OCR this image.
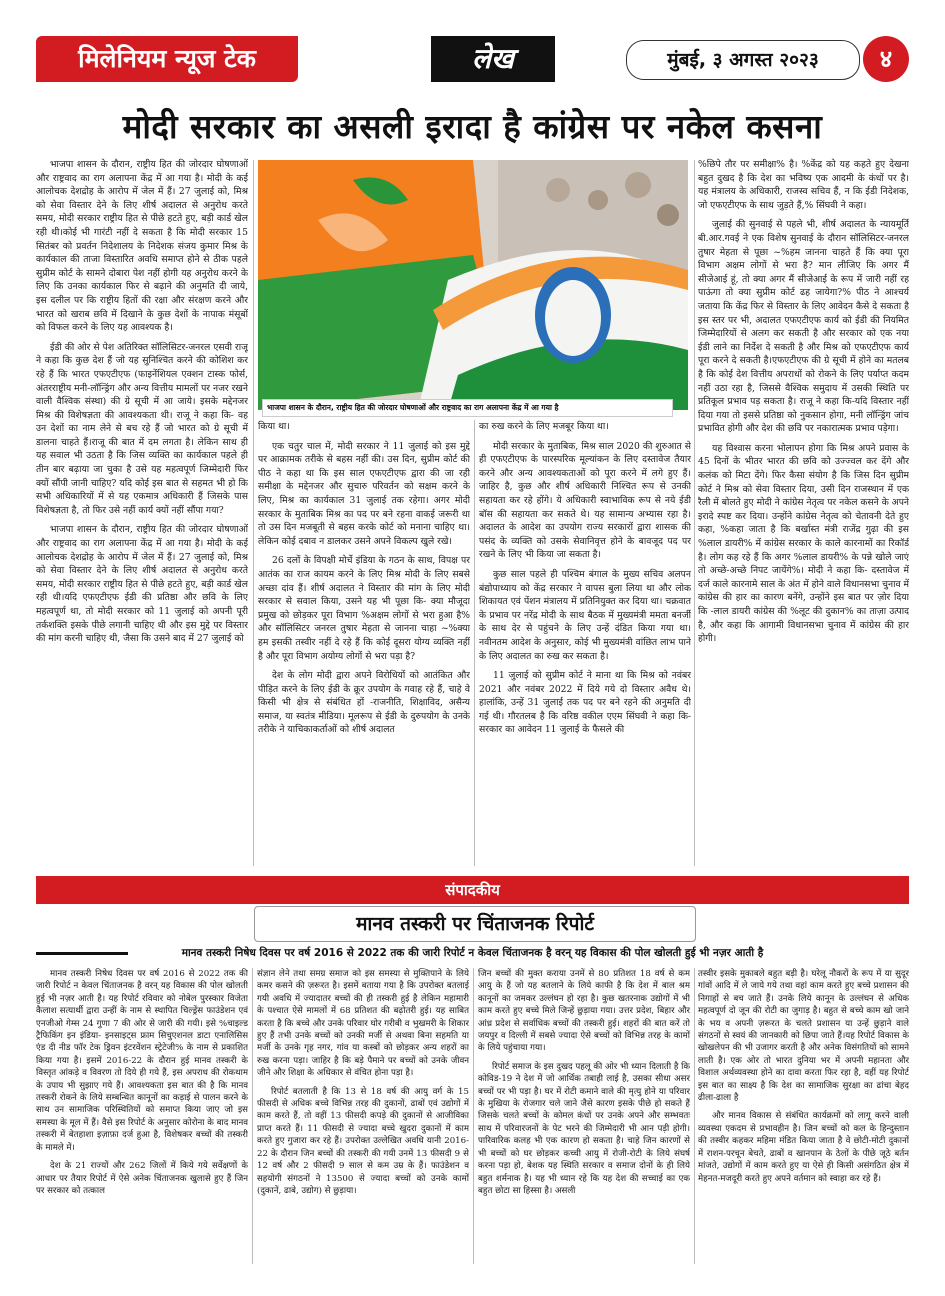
मिलेनियम न्यूज टेक	लेख	मुंबई, ३ अगस्त २०२३	४
मोदी सरकार का असली इरादा है कांग्रेस पर नकेल कसना

भाजपा शासन के दौरान, राष्ट्रीय हित की जोरदार घोषणाओं और राष्ट्रवाद का राग अलापना केंद्र में आ गया है। मोदी के कई आलोचक देशद्रोह के आरोप में जेल में हैं। 27 जुलाई को, मिश्र को सेवा विस्तार देने के लिए शीर्ष अदालत से अनुरोध करते समय, मोदी सरकार राष्ट्रीय हित से पीछे हटते हुए, बड़ी कार्ड खेल रही थी।कोई भी गारंटी नहीं दे सकता है कि मोदी सरकार 15 सितंबर को प्रवर्तन निदेशालय के निदेशक संजय कुमार मिश्र के कार्यकाल की ताजा विस्तारित अवधि समाप्त होने से ठीक पहले सुप्रीम कोर्ट के सामने दोबारा पेश नहीं होगी यह अनुरोध करने के लिए कि उनका कार्यकाल फिर से बढ़ाने की अनुमति दी जाये, इस दलील पर कि राष्ट्रीय हितों की रक्षा और संरक्षण करने और भारत को खराब छवि में दिखाने के कुछ देशों के नापाक मंसूबों को विफल करने के लिए यह आवश्यक है।

ईडी की ओर से पेश अतिरिक्त सॉलिसिटर-जनरल एसवी राजू ने कहा कि कुछ देश हैं जो यह सुनिश्चित करने की कोशिश कर रहे हैं कि भारत एफएटीएफ (फाइनेंशियल एक्शन टास्क फोर्स, अंतरराष्ट्रीय मनी-लॉन्ड्रिंग और अन्य वित्तीय मामलों पर नजर रखने वाली वैश्विक संस्था) की ग्रे सूची में आ जाये। इसके मद्देनजर मिश्र की विशेषज्ञता की आवश्यकता थी। राजू ने कहा कि- वह उन देशों का नाम लेने से बच रहे हैं जो भारत को ग्रे सूची में डालना चाहते हैं।राजू की बात में दम लगता है। लेकिन साथ ही यह सवाल भी उठता है कि जिस व्यक्ति का कार्यकाल पहले ही तीन बार बढ़ाया जा चुका है उसे यह महत्वपूर्ण जिम्मेदारी फिर क्यों सौंपी जानी चाहिए? यदि कोई इस बात से सहमत भी हो कि सभी अधिकारियों में से यह एकमात्र अधिकारी हैं जिसके पास विशेषज्ञता है, तो फिर उसे नहीं कार्य क्यों नहीं सौंपा गया?

भाजपा शासन के दौरान, राष्ट्रीय हित की जोरदार घोषणाओं और राष्ट्रवाद का राग अलापना केंद्र में आ गया है। मोदी के कई आलोचक देशद्रोह के आरोप में जेल में हैं। 27 जुलाई को, मिश्र को सेवा विस्तार देने के लिए शीर्ष अदालत से अनुरोध करते समय, मोदी सरकार राष्ट्रीय हित से पीछे हटते हुए, बड़ी कार्ड खेल रही थी।यदि एफएटीएफ ईडी की प्रतिष्ठा और छवि के लिए महत्वपूर्ण था, तो मोदी सरकार को 11 जुलाई को अपनी पूरी तर्कशक्ति इसके पीछे लगानी चाहिए थी और इस मुद्दे पर विस्तार की मांग करनी चाहिए थी, जैसा कि उसने बाद में 27 जुलाई को

भाजपा शासन के दौरान, राष्ट्रीय हित की जोरदार घोषणाओं और राष्ट्रवाद का राग अलापना केंद्र में आ गया है

किया था।

एक चतुर चाल में, मोदी सरकार ने 11 जुलाई को इस मुद्दे पर आक्रामक तरीके से बहस नहीं की। उस दिन, सुप्रीम कोर्ट की पीठ ने कहा था कि इस साल एफएटीएफ द्वारा की जा रही समीक्षा के मद्देनजर और सुचारु परिवर्तन को सक्षम करने के लिए, मिश्र का कार्यकाल 31 जुलाई तक रहेगा। अगर मोदी सरकार के मुताबिक मिश्र का पद पर बने रहना वाकई जरूरी था तो उस दिन मजबूती से बहस करके कोर्ट को मनाना चाहिए था। लेकिन कोई दबाव न डालकर उसने अपने विकल्प खुले रखे।

26 दलों के विपक्षी मोर्चे इंडिया के गठन के साथ, विपक्ष पर आतंक का राज कायम करने के लिए मिश्र मोदी के लिए सबसे अच्छा दांव हैं। शीर्ष अदालत ने विस्तार की मांग के लिए मोदी सरकार से सवाल किया, उसने यह भी पूछा कि- क्या मौजूदा प्रमुख को छोड़कर पूरा विभाग %अक्षम लोगों से भरा हुआ है% और सॉलिसिटर जनरल तुषार मेहता से जानना चाहा ~%क्या हम इसकी तस्वीर नहीं दे रहे हैं कि कोई दूसरा योग्य व्यक्ति नहीं है और पूरा विभाग अयोग्य लोगों से भरा पड़ा है?

देश के लोग मोदी द्वारा अपने विरोधियों को आतंकित और पीड़ित करने के लिए ईडी के क्रूर उपयोग के गवाह रहे हैं, चाहे वे किसी भी क्षेत्र से संबंधित हों -राजनीति, शिक्षाविद, असैन्य समाज, या स्वतंत्र मीडिया। मूलरूप से ईडी के दुरुपयोग के उनके तरीके ने याचिकाकर्ताओं को शीर्ष अदालत

का रुख करने के लिए मजबूर किया था।

मोदी सरकार के मुताबिक, मिश्र साल 2020 की शुरुआत से ही एफएटीएफ के पारस्परिक मूल्यांकन के लिए दस्तावेज तैयार करने और अन्य आवश्यकताओं को पूरा करने में लगे हुए हैं। जाहिर है, कुछ और शीर्ष अधिकारी निश्चित रूप से उनकी सहायता कर रहे होंगे। ये अधिकारी स्वाभाविक रूप से नये ईडी बॉस की सहायता कर सकते थे। यह सामान्य अभ्यास रहा है। अदालत के आदेश का उपयोग राज्य सरकारों द्वारा शासक की पसंद के व्यक्ति को उसके सेवानिवृत्त होने के बावजूद पद पर रखने के लिए भी किया जा सकता है।

कुछ साल पहले ही पश्चिम बंगाल के मुख्य सचिव अलपन बंद्योपाध्याय को केंद्र सरकार ने वापस बुला लिया था और लोक शिकायत एवं पेंशन मंत्रालय में प्रतिनियुक्त कर दिया था। चक्रवात के प्रभाव पर नरेंद्र मोदी के साथ बैठक में मुख्यमंत्री ममता बनर्जी के साथ देर से पहुंचने के लिए उन्हें दंडित किया गया था। नवीनतम आदेश के अनुसार, कोई भी मुख्यमंत्री वांछित लाभ पाने के लिए अदालत का रुख कर सकता है।

11 जुलाई को सुप्रीम कोर्ट ने माना था कि मिश्र को नवंबर 2021 और नवंबर 2022 में दिये गये दो विस्तार अवैध थे। हालांकि, उन्हें 31 जुलाई तक पद पर बने रहने की अनुमति दी गई थी। गौरतलब है कि वरिष्ठ वकील एएम सिंघवी ने कहा कि-सरकार का आवेदन 11 जुलाई के फैसले की

%छिपे तौर पर समीक्षा% है। %केंद्र को यह कहते हुए देखना बहुत दुखद है कि देश का भविष्य एक आदमी के कंधों पर है। यह मंत्रालय के अधिकारी, राजस्व सचिव हैं, न कि ईडी निदेशक, जो एफएटीएफ के साथ जुड़ते हैं,% सिंघवी ने कहा।

जुलाई की सुनवाई से पहले भी, शीर्ष अदालत के न्यायमूर्ति बी.आर.गवई ने एक विशेष सुनवाई के दौरान सॉलिसिटर-जनरल तुषार मेहता से पूछा ~%हम जानना चाहते हैं कि क्या पूरा विभाग अक्षम लोगों से भरा है? मान लीजिए कि अगर मैं सीजेआई हूं, तो क्या अगर मैं सीजेआई के रूप में जारी नहीं रह पाऊंगा तो क्या सुप्रीम कोर्ट ढह जायेगा?% पीठ ने आश्चर्य जताया कि केंद्र फिर से विस्तार के लिए आवेदन कैसे दे सकता है इस स्तर पर भी, अदालत एफएटीएफ कार्य को ईडी की नियमित जिम्मेदारियों से अलग कर सकती है और सरकार को एक नया ईडी लाने का निर्देश दे सकती है और मिश्र को एफएटीएफ कार्य पूरा करने दे सकती है।एफएटीएफ की ग्रे सूची में होने का मतलब है कि कोई देश वित्तीय अपराधों को रोकने के लिए पर्याप्त कदम नहीं उठा रहा है, जिससे वैश्विक समुदाय में उसकी स्थिति पर प्रतिकूल प्रभाव पड़ सकता है। राजू ने कहा कि-यदि विस्तार नहीं दिया गया तो इससे प्रतिष्ठा को नुकसान होगा, मनी लॉन्ड्रिंग जांच प्रभावित होगी और देश की छवि पर नकारात्मक प्रभाव पड़ेगा।

यह विश्वास करना भोलापन होगा कि मिश्र अपने प्रवास के 45 दिनों के भीतर भारत की छवि को उज्ज्वल कर देंगे और कलंक को मिटा देंगे। फिर कैसा संयोग है कि जिस दिन सुप्रीम कोर्ट ने मिश्र को सेवा विस्तार दिया, उसी दिन राजस्थान में एक रैली में बोलते हुए मोदी ने कांग्रेस नेतृत्व पर नकेल कसने के अपने इरादे स्पष्ट कर दिया। उन्होंने कांग्रेस नेतृत्व को चेतावनी देते हुए कहा, %कहा जाता है कि बर्खास्त मंत्री राजेंद्र गुढ़ा की इस %लाल डायरी% में कांग्रेस सरकार के काले कारनामों का रिकॉर्ड है। लोग कह रहे हैं कि अगर %लाल डायरी% के पन्ने खोले जाएं तो अच्छे-अच्छे निपट जायेंगे%। मोदी ने कहा कि- दस्तावेज में दर्ज काले कारनामे साल के अंत में होने वाले विधानसभा चुनाव में कांग्रेस की हार का कारण बनेंगे, उन्होंने इस बात पर ज़ोर दिया कि -लाल डायरी कांग्रेस की %लूट की दुकान% का ताज़ा उत्पाद है, और कहा कि आगामी विधानसभा चुनाव में कांग्रेस की हार होगी।

संपादकीय
मानव तस्करी पर चिंताजनक रिपोर्ट
मानव तस्करी निषेध दिवस पर वर्ष 2016 से 2022 तक की जारी रिपोर्ट न केवल चिंताजनक है वरन् यह विकास की पोल खोलती हुई भी नज़र आती है

मानव तस्करी निषेध दिवस पर वर्ष 2016 से 2022 तक की जारी रिपोर्ट न केवल चिंताजनक है वरन् यह विकास की पोल खोलती हुई भी नज़र आती है। यह रिपोर्ट रविवार को नोबेल पुरस्कार विजेता कैलाश सत्यार्थी द्वारा उन्हीं के नाम से स्थापित चिल्ड्रेंस फाउंडेशन एवं एनजीओ गेम्स 24 गुणा 7 की ओर से जारी की गयी। इसे %चाइल्ड ट्रैफिकिंग इन इंडिया- इनसाइट्स फ्राम सिचुएशनल डाटा एनालिसिस एंड दी नीड फॉर टेक ड्रिवन इंटरवेंशन स्ट्रेटेजी% के नाम से प्रकाशित किया गया है। इसमें 2016-22 के दौरान हुई मानव तस्करी के विस्तृत आंकड़े व विवरण तो दिये ही गये हैं, इस अपराध की रोकथाम के उपाय भी सुझाए गये हैं। आवश्यकता इस बात की है कि मानव तस्करी रोकने के लिये सम्बन्धित कानूनों का कड़ाई से पालन करने के साथ उन सामाजिक परिस्थितियों को समाप्त किया जाए जो इस समस्या के मूल में हैं। वैसे इस रिपोर्ट के अनुसार कोरोना के बाद मानव तस्करी में बेतहाशा इज़ाफ़ा दर्ज हुआ है, विशेषकर बच्चों की तस्करी के मामले में।

देश के 21 राज्यों और 262 जिलों में किये गये सर्वेक्षणों के आधार पर तैयार रिपोर्ट में ऐसे अनेक चिंताजनक खुलासे हुए हैं जिन पर सरकार को तत्काल

संज्ञान लेने तथा समग्र समाज को इस समस्या से मुक्तिपाने के लिये कमर कसने की ज़रूरत है। इसमें बताया गया है कि उपरोक्त बतलाई गयी अवधि में ज्यादातर बच्चों की ही तस्करी हुई है लेकिन महामारी के पश्चात ऐसे मामलों में 68 प्रतिशत की बढ़ोतरी हुई। यह साबित करता है कि बच्चे और उनके परिवार घोर गरीबी व भुखमरी के शिकार हुए हैं तभी उनके बच्चों को उनकी मर्जी से अथवा बिना सहमति या मर्जी के उनके गृह नगर, गांव या कस्बों को छोड़कर अन्य शहरों का रुख करना पड़ा। जाहिर है कि बड़े पैमाने पर बच्चों को उनके जीवन जीने और शिक्षा के अधिकार से वंचित होना पड़ा है।

रिपोर्ट बतलाती है कि 13 से 18 वर्ष की आयु वर्ग के 15 फीसदी से अधिक बच्चे विभिन्न तरह की दुकानों, ढाबों एवं उद्योगों में काम करते हैं, तो वहीं 13 फीसदी कपड़े की दुकानों से आजीविका प्राप्त करते हैं। 11 फीसदी से ज्यादा बच्चे खुदरा दुकानों में काम करते हुए गुजारा कर रहे हैं। उपरोक्त उल्लेखित अवधि यानी 2016-22 के दौरान जिन बच्चों की तस्करी की गयी उनमें 13 फीसदी 9 से 12 वर्ष और 2 फीसदी 9 साल से कम उम्र के हैं। फाउंडेशन व सहयोगी संगठनों ने 13500 से ज्यादा बच्चों को उनके कामों (दुकानें, ढाबे, उद्योग) से छुड़ाया।

जिन बच्चों की मुक्त कराया उनमें से 80 प्रतिशत 18 वर्ष से कम आयु के हैं जो यह बतलाने के लिये काफी है कि देश में बाल श्रम कानूनों का जमकर उल्लंघन हो रहा है। कुछ खतरनाक उद्योगों में भी काम करते हुए बच्चे मिले जिन्हें छुड़ाया गया। उत्तर प्रदेश, बिहार और आंध्र प्रदेश से सर्वाधिक बच्चों की तस्करी हुई। शहरों की बात करें तो जयपुर व दिल्ली में सबसे ज्यादा ऐसे बच्चों को विभिन्न तरह के कामों के लिये पहुंचाया गया।

रिपोर्ट समाज के इस दुखद पहलू की ओर भी ध्यान दिलाती है कि कोविड-19 ने देश में जो आर्थिक तबाही लाई है, उसका सीधा असर बच्चों पर भी पड़ा है। घर में रोटी कमाने वाले की मृत्यु होने या परिवार के मुखिया के रोजगार चले जाने जैसे कारण इसके पीछे हो सकते हैं जिसके चलते बच्चों के कोमल कंधों पर उनके अपने और सम्भवतः साथ में परिवारजनों के पेट भरने की जिम्मेदारी भी आन पड़ी होगी। पारिवारिक कलह भी एक कारण हो सकता है। चाहे जिन कारणों से भी बच्चों को घर छोड़कर कच्ची आयु में रोजी-रोटी के लिये संघर्ष करना पड़ा हो, बेशक यह स्थिति सरकार व समाज दोनों के ही लिये बहुत शर्मनाक है। यह भी ध्यान रहे कि यह देश की सच्चाई का एक बहुत छोटा सा हिस्सा है। असली

तस्वीर इसके मुकाबले बहुत बड़ी है। घरेलू नौकरों के रूप में या सुदूर गांवों आदि में ले जाये गये तथा वहां काम करते हुए बच्चे प्रशासन की निगाहों से बच जाते हैं। उनके लिये कानून के उल्लंघन से अधिक महत्वपूर्ण दो जून की रोटी का जुगाड़ है। बहुत से बच्चे काम खो जाने के भय व अपनी ज़रूरत के चलते प्रशासन या उन्हें छुड़ाने वाले संगठनों से स्वयं की जानकारी को छिपा जाते हैं।यह रिपोर्ट विकास के खोखलेपन की भी उजागर करती है और अनेक विसंगतियों को सामने लाती है। एक ओर तो भारत दुनिया भर में अपनी महानता और विशाल अर्थव्यवस्था होने का दावा करता फिर रहा है, वहीं यह रिपोर्ट इस बात का साक्ष्य है कि देश का सामाजिक सुरक्षा का ढांचा बेहद ढीला-ढाला है

और मानव विकास से संबंधित कार्यक्रमों को लागू करने वाली व्यवस्था एकदम से प्रभावहीन है। जिन बच्चों को कल के हिन्दुस्तान की तस्वीर कहकर महिमा मंडित किया जाता है वे छोटी-मोटी दुकानों में राशन-परचून बेचते, ढाबों व खानपान के ठेलों के पीछे जूठे बर्तन मांजते, उद्योगों में काम करते हुए या ऐसे ही किसी असंगठित क्षेत्र में मेहनत-मजदूरी करते हुए अपने वर्तमान को स्वाहा कर रहे हैं।
